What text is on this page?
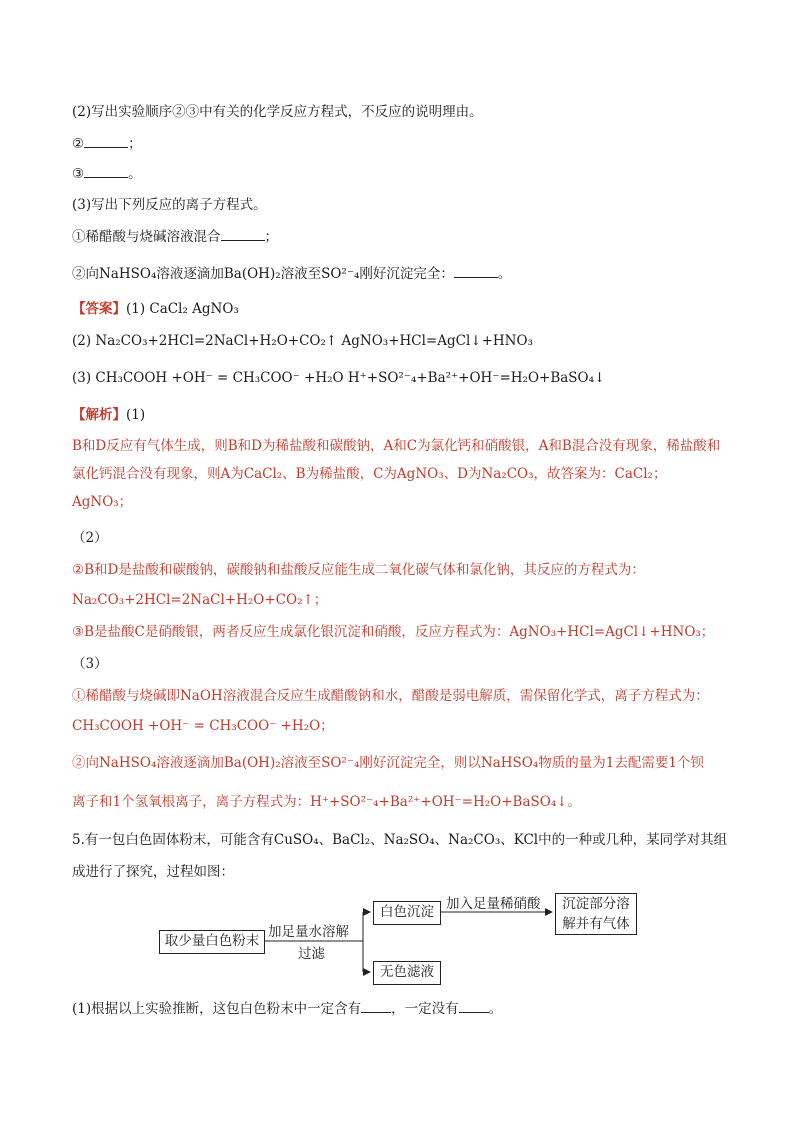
(2)写出实验顺序②③中有关的化学反应方程式，不反应的说明理由。
②	；
③	。
(3)写出下列反应的离子方程式。
①稀醋酸与烧碱溶液混合	；
②向NaHSO₄溶液逐滴加Ba(OH)₂溶液至SO²⁻₄刚好沉淀完全：	。
【答案】(1) CaCl₂ AgNO₃
(2) Na₂CO₃+2HCl=2NaCl+H₂O+CO₂↑ AgNO₃+HCl=AgCl↓+HNO₃
(3) CH₃COOH +OH⁻ = CH₃COO⁻ +H₂O H⁺+SO²⁻₄+Ba²⁺+OH⁻=H₂O+BaSO₄↓
【解析】(1)
B和D反应有气体生成，则B和D为稀盐酸和碳酸钠，A和C为氯化钙和硝酸银，A和B混合没有现象，稀盐酸和氯化钙混合没有现象，则A为CaCl₂、B为稀盐酸，C为AgNO₃、D为Na₂CO₃，故答案为：CaCl₂；AgNO₃；
（2）
②B和D是盐酸和碳酸钠，碳酸钠和盐酸反应能生成二氧化碳气体和氯化钠，其反应的方程式为：
Na₂CO₃+2HCl=2NaCl+H₂O+CO₂↑；
③B是盐酸C是硝酸银，两者反应生成氯化银沉淀和硝酸，反应方程式为：AgNO₃+HCl=AgCl↓+HNO₃；
（3）
①稀醋酸与烧碱即NaOH溶液混合反应生成醋酸钠和水，醋酸是弱电解质，需保留化学式，离子方程式为：
CH₃COOH +OH⁻ = CH₃COO⁻ +H₂O；
②向NaHSO₄溶液逐滴加Ba(OH)₂溶液至SO²⁻₄刚好沉淀完全，则以NaHSO₄物质的量为1去配需要1个钡
离子和1个氢氧根离子，离子方程式为：H⁺+SO²⁻₄+Ba²⁺+OH⁻=H₂O+BaSO₄↓。
5.有一包白色固体粉末，可能含有CuSO₄、BaCl₂、Na₂SO₄、Na₂CO₃、KCl中的一种或几种，某同学对其组
成进行了探究，过程如图：
取少量白色粉末
加足量水溶解
过滤
白色沉淀
无色滤液
加入足量稀硝酸	沉淀部分溶
解并有气体
(1)根据以上实验推断，这包白色粉末中一定含有 ，一定没有 。
